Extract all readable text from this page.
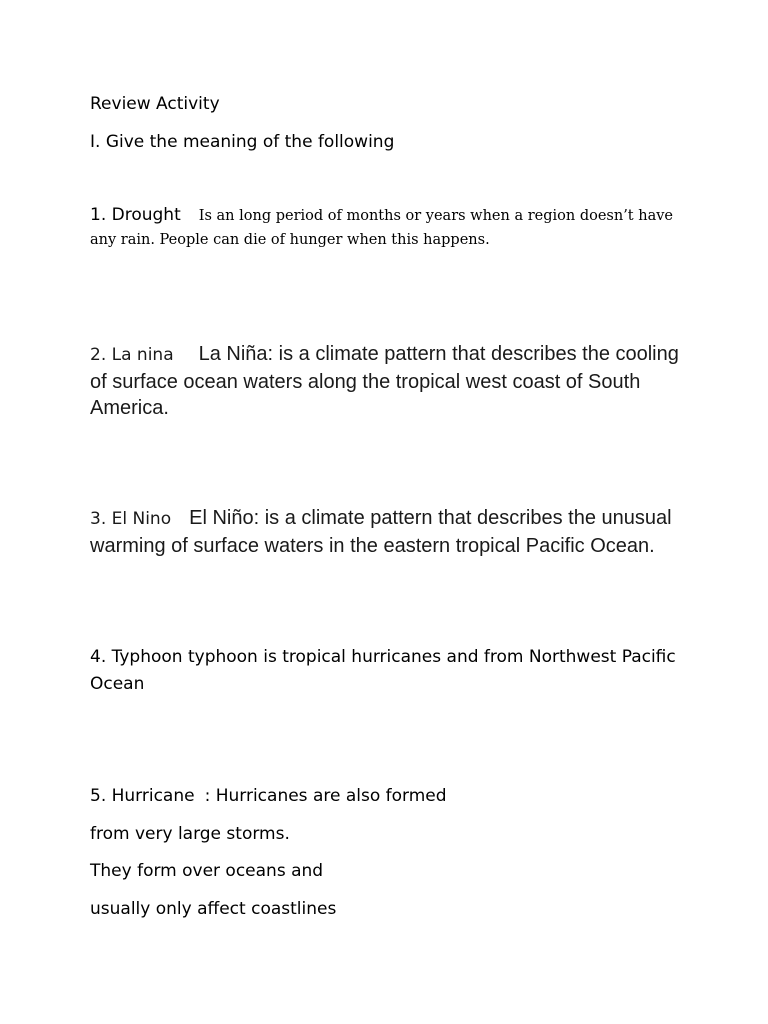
Review Activity

I. Give the meaning of the following

1. Drought Is an long period of months or years when a region doesn’t have any rain. People can die of hunger when this happens.

2. La nina La Niña: is a climate pattern that describes the cooling of surface ocean waters along the tropical west coast of South America.

3. El Nino El Niño: is a climate pattern that describes the unusual warming of surface waters in the eastern tropical Pacific Ocean.

4. Typhoon typhoon is tropical hurricanes and from Northwest Pacific Ocean

5. Hurricane : Hurricanes are also formed

from very large storms.

They form over oceans and

usually only affect coastlines
